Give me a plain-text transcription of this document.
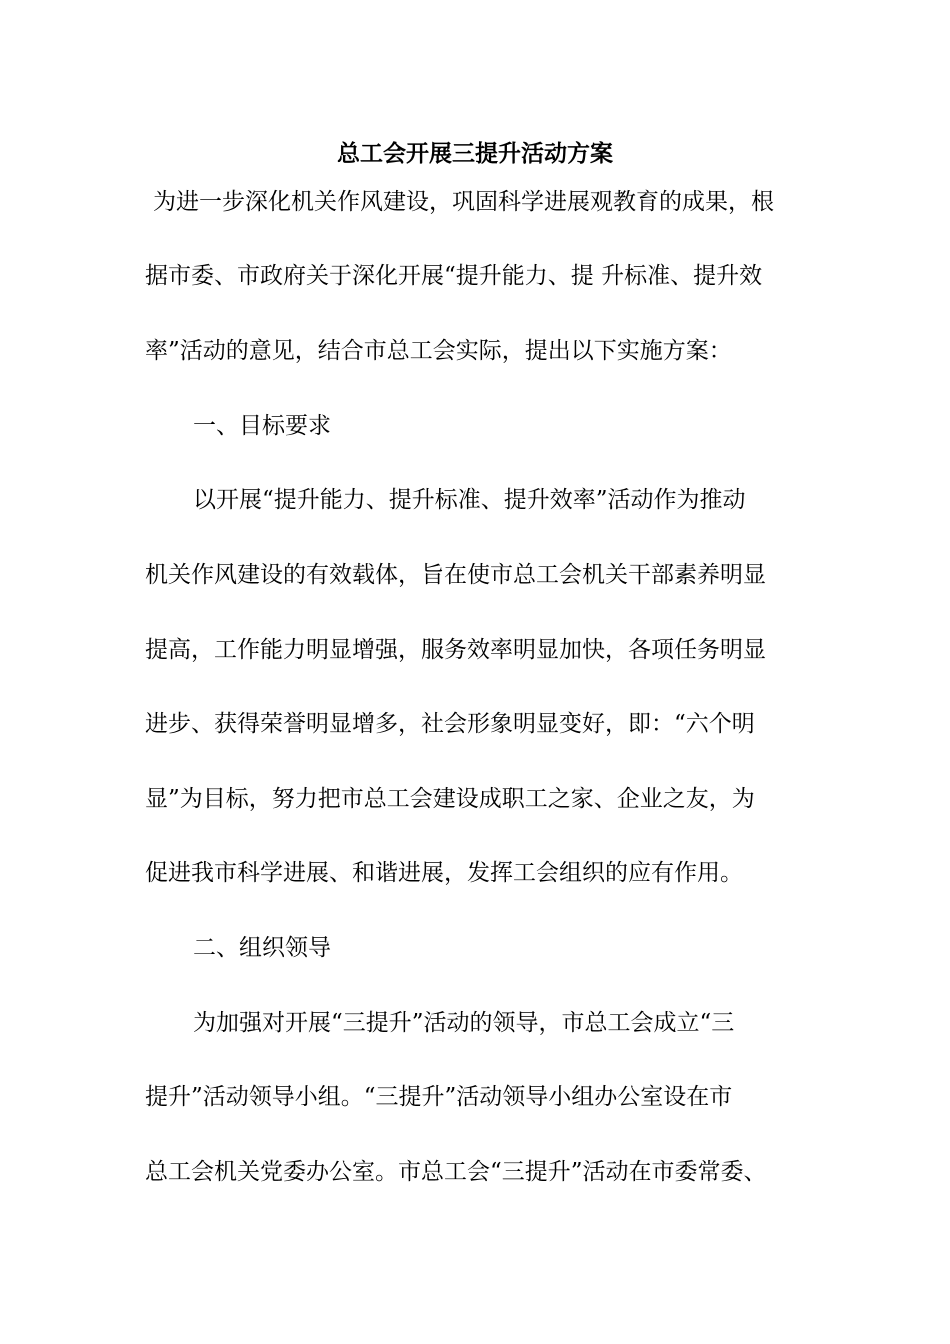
总工会开展三提升活动方案
为进一步深化机关作风建设，巩固科学进展观教育的成果，根
据市委、市政府关于深化开展“提升能力、提 升标准、提升效
率”活动的意见，结合市总工会实际，提出以下实施方案：
一、目标要求
以开展“提升能力、提升标准、提升效率”活动作为推动
机关作风建设的有效载体，旨在使市总工会机关干部素养明显
提高，工作能力明显增强，服务效率明显加快，各项任务明显
进步、获得荣誉明显增多，社会形象明显变好，即：“六个明
显”为目标，努力把市总工会建设成职工之家、企业之友，为
促进我市科学进展、和谐进展，发挥工会组织的应有作用。
二、组织领导
为加强对开展“三提升”活动的领导，市总工会成立“三
提升”活动领导小组。“三提升”活动领导小组办公室设在市
总工会机关党委办公室。市总工会“三提升”活动在市委常委、
